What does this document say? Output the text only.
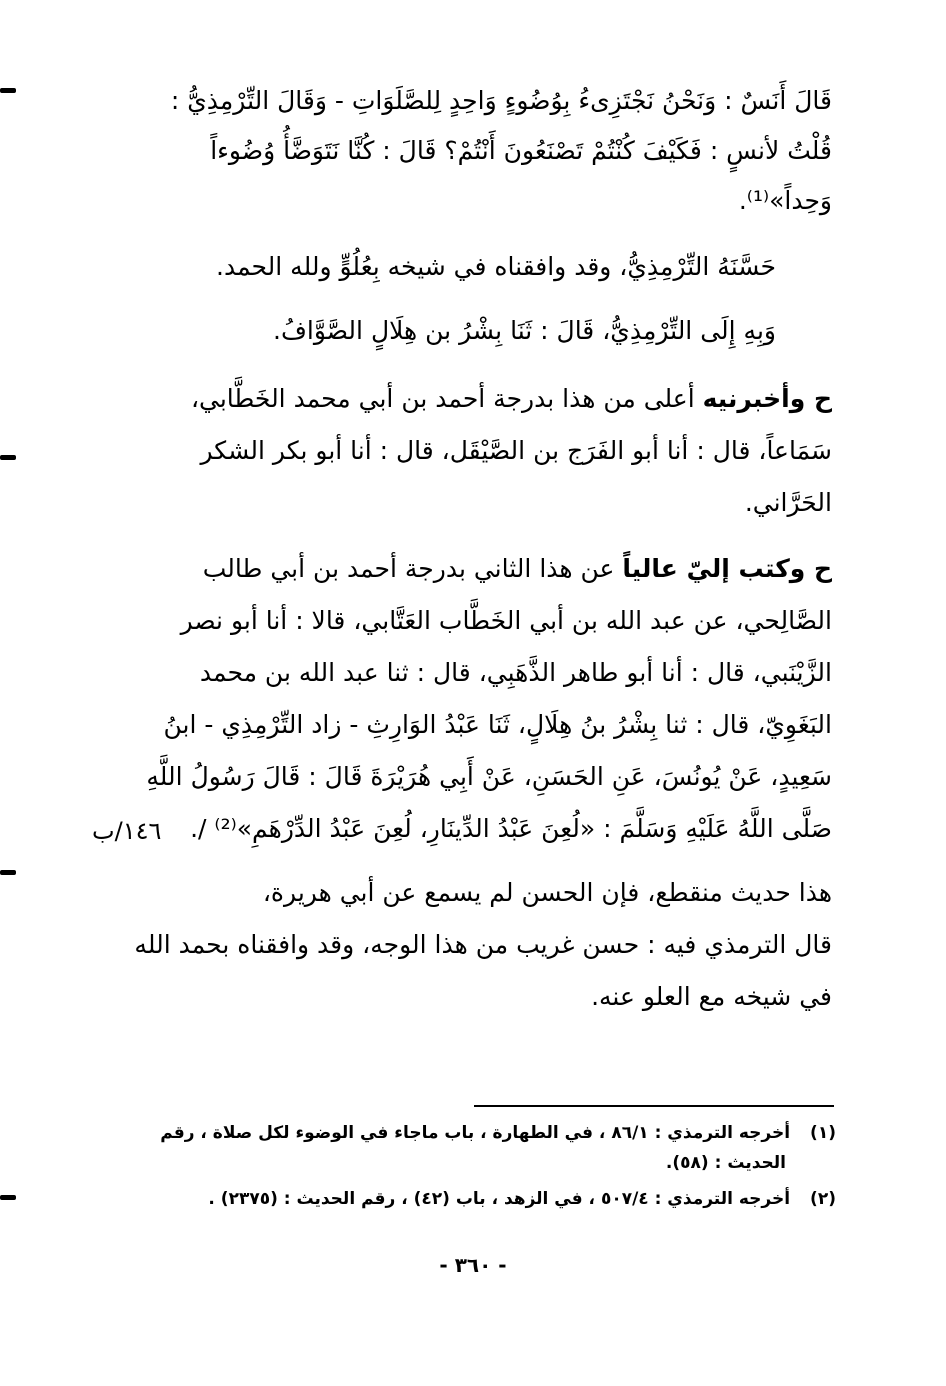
قَالَ أَنَسٌ : وَنَحْنُ نَجْتَزِىءُ بِوُضُوءٍ وَاحِدٍ لِلصَّلَوَاتِ - وَقَالَ التِّرْمِذِيُّ :
قُلْتُ لأنسٍ : فَكَيْفَ كُنْتُمْ تَصْنَعُونَ أَنْتُمْ؟ قَالَ : كُنَّا نَتَوَضَّأُ وُضُوءاً
وَحِداً»⁽¹⁾.
حَسَّنَهُ التِّرْمِذِيُّ، وقد وافقناه في شيخه بِعُلُوٍّ ولله الحمد.
وَبِهِ إِلَى التِّرْمِذِيُّ، قَالَ : ثَنَا بِشْرُ بن هِلَالٍ الصَّوَّافُ.
ح وأخبرنيه أعلى من هذا بدرجة أحمد بن أبي محمد الخَطَّابي،
سَمَاعاً، قال : أنا أبو الفَرَج بن الصَّيْقَل، قال : أنا أبو بكر الشكر
الحَرَّاني.
ح وكتب إليّ عالياً عن هذا الثاني بدرجة أحمد بن أبي طالب
الصَّالِحي، عن عبد الله بن أبي الخَطَّاب العَتَّابي، قالا : أنا أبو نصر
الزَّيْنَبي، قال : أنا أبو طاهر الذَّهَبِي، قال : ثنا عبد الله بن محمد
البَغَوِيّ، قال : ثنا بِشْرُ بنُ هِلَالٍ، ثَنَا عَبْدُ الوَارِثِ - زاد التِّرْمِذِي - ابنُ
سَعِيدٍ، عَنْ يُونُسَ، عَنِ الحَسَنِ، عَنْ أَبِي هُرَيْرَةَ قَالَ : قَالَ رَسُولُ اللَّهِ
صَلَّى اللَّهُ عَلَيْهِ وَسَلَّمَ : «لُعِنَ عَبْدُ الدِّينَارِ، لُعِنَ عَبْدُ الدِّرْهَمِ»⁽²⁾ /.
١٤٦/ب
هذا حديث منقطع، فإن الحسن لم يسمع عن أبي هريرة،
قال الترمذي فيه : حسن غريب من هذا الوجه، وقد وافقناه بحمد الله
في شيخه مع العلو عنه.
(١) أخرجه الترمذي : ٨٦/١ ، في الطهارة ، باب ماجاء في الوضوء لكل صلاة ، رقم
الحديث : (٥٨).
(٢) أخرجه الترمذي : ٥٠٧/٤ ، في الزهد ، باب (٤٢) ، رقم الحديث : (٢٣٧٥) .
- ٣٦٠ -
